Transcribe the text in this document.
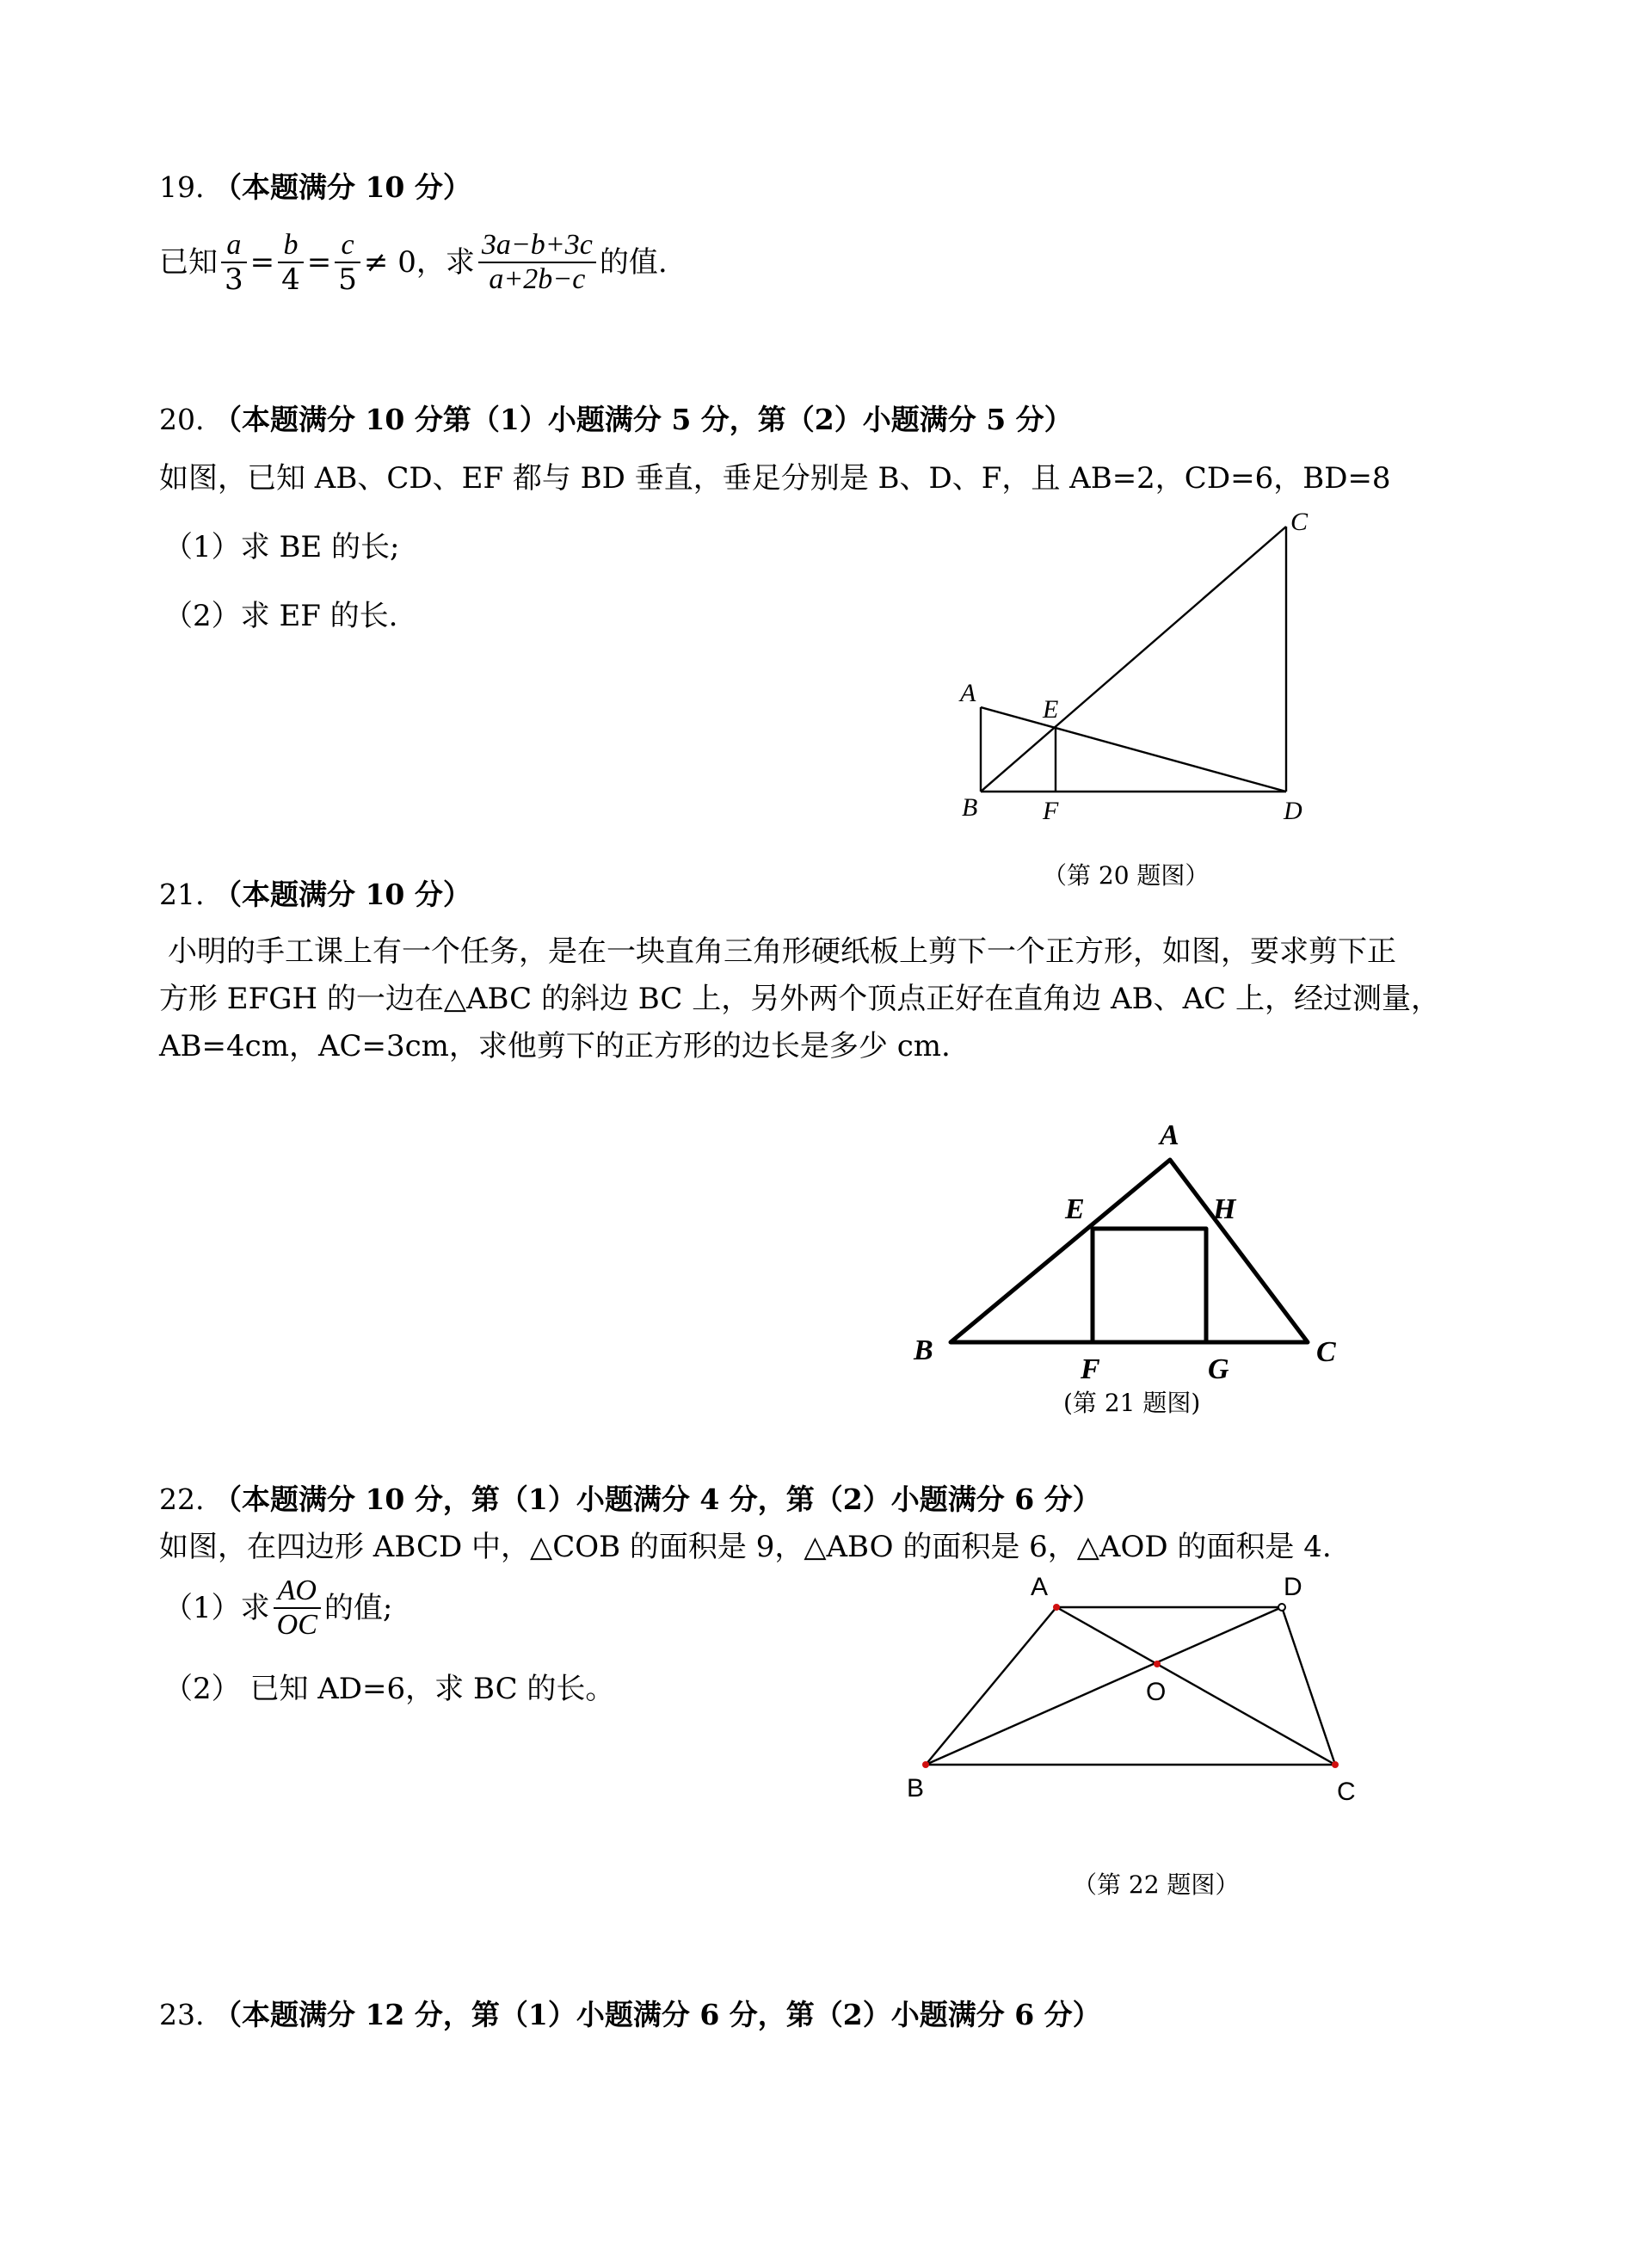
19. （本题满分 10 分）
已知 $\frac{a}{3} = \frac{b}{4} = \frac{c}{5} \ne 0$，求 $\frac{3a-b+3c}{a+2b-c}$ 的值.
20. （本题满分 10 分第（1）小题满分 5 分，第（2）小题满分 5 分）
如图，已知 AB、CD、EF 都与 BD 垂直，垂足分别是 B、D、F，且 AB=2，CD=6，BD=8
（1）求 BE 的长;
（2）求 EF 的长.
A
B
C
D
E
F
（第 20 题图）
21. （本题满分 10 分）
小明的手工课上有一个任务，是在一块直角三角形硬纸板上剪下一个正方形，如图，要求剪下正
方形 EFGH 的一边在△ABC 的斜边 BC 上，另外两个顶点正好在直角边 AB、AC 上，经过测量，
AB=4cm，AC=3cm，求他剪下的正方形的边长是多少 cm.
A
B	C
E
F	G
H
(第 21 题图)
22. （本题满分 10 分，第（1）小题满分 4 分，第（2）小题满分 6 分）
如图，在四边形 ABCD 中，△COB 的面积是 9，△ABO 的面积是 6，△AOD 的面积是 4.
（1）求 $\frac{AO}{OC}$ 的值;
（2） 已知 AD=6，求 BC 的长。
A	D
O
B	C
（第 22 题图）
23. （本题满分 12 分，第（1）小题满分 6 分，第（2）小题满分 6 分）
